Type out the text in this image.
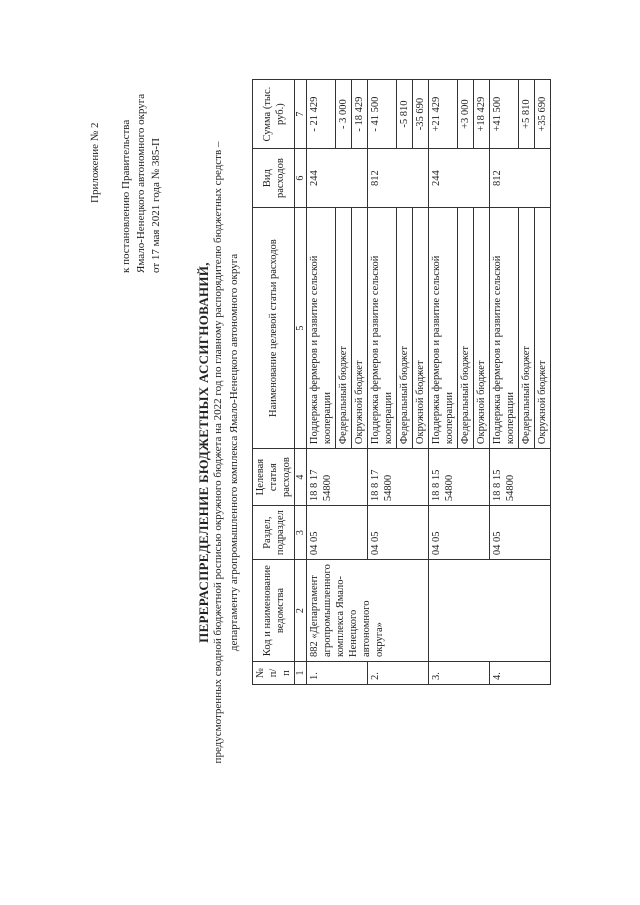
Приложение № 2 к постановлению Правительства Ямало-Ненецкого автономного округа от 17 мая 2021 года № 385-П
ПЕРЕРАСПРЕДЕЛЕНИЕ БЮДЖЕТНЫХ АССИГНОВАНИЙ, предусмотренных сводной бюджетной росписью окружного бюджета на 2022 год по главному распорядителю бюджетных средств – департаменту агропромышленного комплекса Ямало-Ненецкого автономного округа
№ п/п	Код и наименование ведомства	Раздел, подраздел	Целевая статья расходов	Наименование целевой статьи расходов	Вид расходов	Сумма (тыс. руб.)
1	2	3	4	5	6	7
1.	882 «Департамент агропромышленного комплекса Ямало-Ненецкого автономного округа»	04 05	18 8 17 54800	Поддержка фермеров и развитие сельской кооперации	244	- 21 429
				Федеральный бюджет		- 3 000
				Окружной бюджет		- 18 429
2.		04 05	18 8 17 54800	Поддержка фермеров и развитие сельской кооперации	812	- 41 500
				Федеральный бюджет		-5 810
				Окружной бюджет		-35 690
3.		04 05	18 8 15 54800	Поддержка фермеров и развитие сельской кооперации	244	+21 429
				Федеральный бюджет		+3 000
				Окружной бюджет		+18 429
4.		04 05	18 8 15 54800	Поддержка фермеров и развитие сельской кооперации	812	+41 500
				Федеральный бюджет		+5 810
				Окружной бюджет		+35 690
